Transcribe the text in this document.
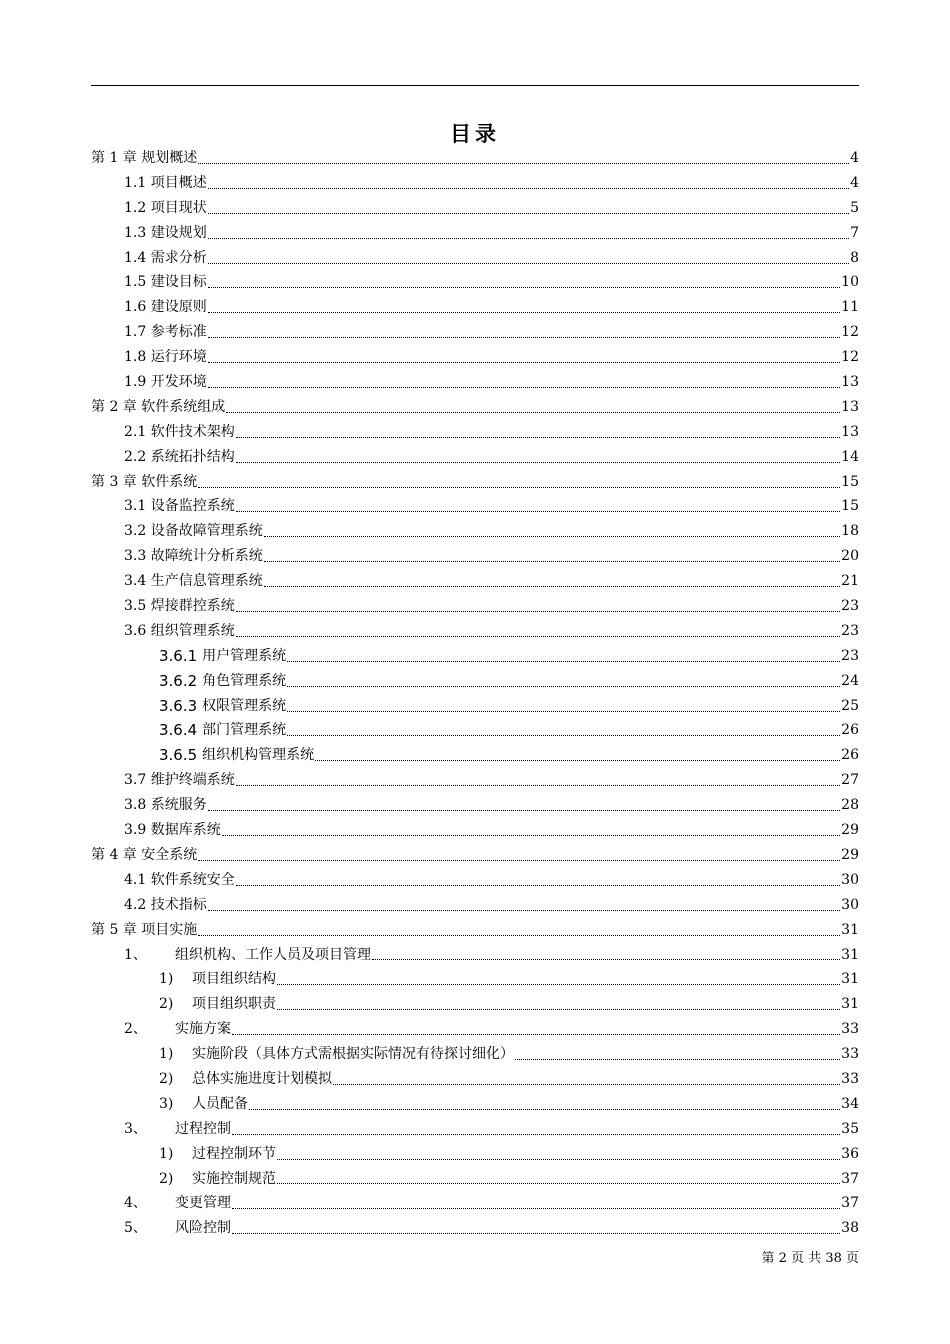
目录
第 1 章 规划概述	4
1.1 项目概述	4
1.2 项目现状	5
1.3 建设规划	7
1.4 需求分析	8
1.5 建设目标	10
1.6 建设原则	11
1.7 参考标准	12
1.8 运行环境	12
1.9 开发环境	13
第 2 章 软件系统组成	13
2.1 软件技术架构	13
2.2 系统拓扑结构	14
第 3 章 软件系统	15
3.1 设备监控系统	15
3.2 设备故障管理系统	18
3.3 故障统计分析系统	20
3.4 生产信息管理系统	21
3.5 焊接群控系统	23
3.6 组织管理系统	23
3.6.1 用户管理系统	23
3.6.2 角色管理系统	24
3.6.3 权限管理系统	25
3.6.4 部门管理系统	26
3.6.5 组织机构管理系统	26
3.7 维护终端系统	27
3.8 系统服务	28
3.9 数据库系统	29
第 4 章 安全系统	29
4.1 软件系统安全	30
4.2 技术指标	30
第 5 章 项目实施	31
1、	组织机构、工作人员及项目管理	31
1)	项目组织结构	31
2)	项目组织职责	31
2、	实施方案	33
1)	实施阶段（具体方式需根据实际情况有待探讨细化）	33
2)	总体实施进度计划模拟	33
3)	人员配备	34
3、	过程控制	35
1)	过程控制环节	36
2)	实施控制规范	37
4、	变更管理	37
5、	风险控制	38
第 2 页 共 38 页
